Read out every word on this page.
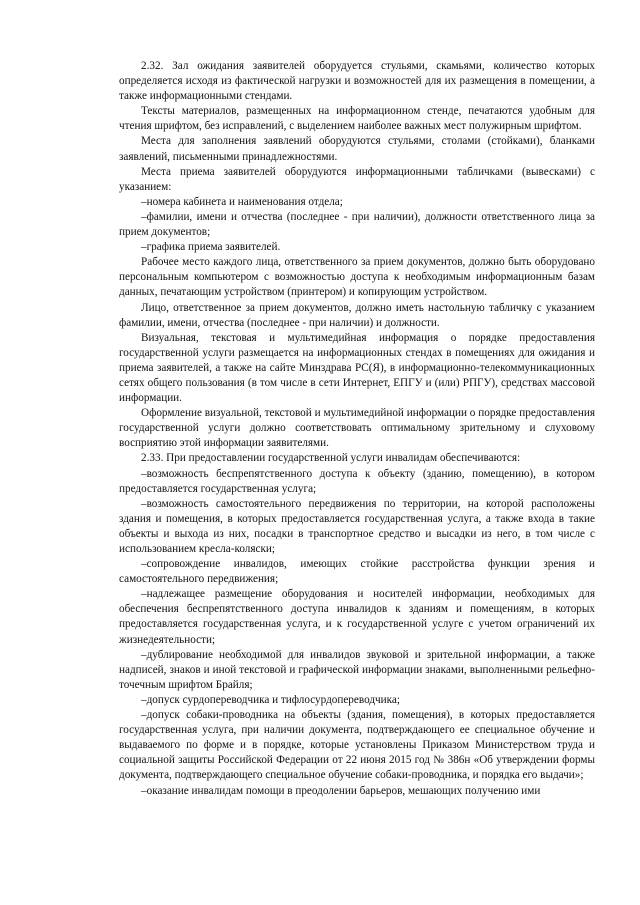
2.32. Зал ожидания заявителей оборудуется стульями, скамьями, количество которых определяется исходя из фактической нагрузки и возможностей для их размещения в помещении, а также информационными стендами.

Тексты материалов, размещенных на информационном стенде, печатаются удобным для чтения шрифтом, без исправлений, с выделением наиболее важных мест полужирным шрифтом.

Места для заполнения заявлений оборудуются стульями, столами (стойками), бланками заявлений, письменными принадлежностями.

Места приема заявителей оборудуются информационными табличками (вывесками) с указанием:

–номера кабинета и наименования отдела;

–фамилии, имени и отчества (последнее - при наличии), должности ответственного лица за прием документов;

–графика приема заявителей.

Рабочее место каждого лица, ответственного за прием документов, должно быть оборудовано персональным компьютером с возможностью доступа к необходимым информационным базам данных, печатающим устройством (принтером) и копирующим устройством.

Лицо, ответственное за прием документов, должно иметь настольную табличку с указанием фамилии, имени, отчества (последнее - при наличии) и должности.

Визуальная, текстовая и мультимедийная информация о порядке предоставления государственной услуги размещается на информационных стендах в помещениях для ожидания и приема заявителей, а также на сайте Минздрава РС(Я), в информационно-телекоммуникационных сетях общего пользования (в том числе в сети Интернет, ЕПГУ и (или) РПГУ), средствах массовой информации.

Оформление визуальной, текстовой и мультимедийной информации о порядке предоставления государственной услуги должно соответствовать оптимальному зрительному и слуховому восприятию этой информации заявителями.

2.33. При предоставлении государственной услуги инвалидам обеспечиваются:

–возможность беспрепятственного доступа к объекту (зданию, помещению), в котором предоставляется государственная услуга;

–возможность самостоятельного передвижения по территории, на которой расположены здания и помещения, в которых предоставляется государственная услуга, а также входа в такие объекты и выхода из них, посадки в транспортное средство и высадки из него, в том числе с использованием кресла-коляски;

–сопровождение инвалидов, имеющих стойкие расстройства функции зрения и самостоятельного передвижения;

–надлежащее размещение оборудования и носителей информации, необходимых для обеспечения беспрепятственного доступа инвалидов к зданиям и помещениям, в которых предоставляется государственная услуга, и к государственной услуге с учетом ограничений их жизнедеятельности;

–дублирование необходимой для инвалидов звуковой и зрительной информации, а также надписей, знаков и иной текстовой и графической информации знаками, выполненными рельефно-точечным шрифтом Брайля;

–допуск сурдопереводчика и тифлосурдопереводчика;

–допуск собаки-проводника на объекты (здания, помещения), в которых предоставляется государственная услуга, при наличии документа, подтверждающего ее специальное обучение и выдаваемого по форме и в порядке, которые установлены Приказом Министерством труда и социальной защиты Российской Федерации от 22 июня 2015 год № 386н «Об утверждении формы документа, подтверждающего специальное обучение собаки-проводника, и порядка его выдачи»;

–оказание инвалидам помощи в преодолении барьеров, мешающих получению ими
